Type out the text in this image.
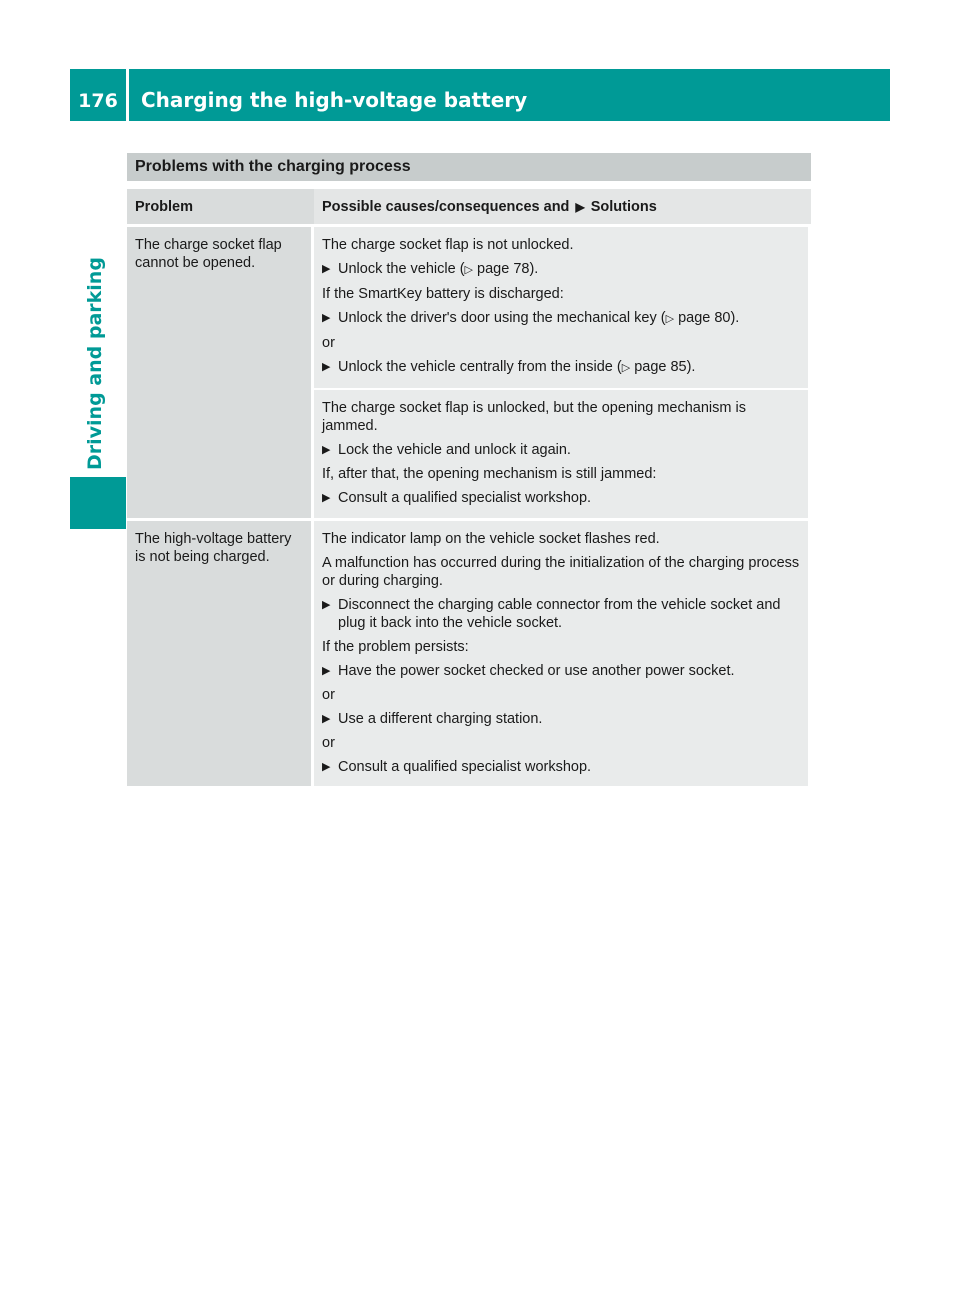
176	Charging the high-voltage battery
Driving and parking
Problems with the charging process
Problem	Possible causes/consequences and ▶ Solutions
The charge socket flap cannot be opened.

The charge socket flap is not unlocked.

▶
Unlock the vehicle (▷ page 78).

If the SmartKey battery is discharged:

▶
Unlock the driver's door using the mechanical key (▷ page 80).

or

▶
Unlock the vehicle centrally from the inside (▷ page 85).

The charge socket flap is unlocked, but the opening mechanism is jammed.

▶
Lock the vehicle and unlock it again.

If, after that, the opening mechanism is still jammed:

▶
Consult a qualified specialist workshop.
The high-voltage battery is not being charged.

The indicator lamp on the vehicle socket flashes red.

A malfunction has occurred during the initialization of the charging process or during charging.

▶
Disconnect the charging cable connector from the vehicle socket and plug it back into the vehicle socket.

If the problem persists:

▶
Have the power socket checked or use another power socket.

or

▶
Use a different charging station.

or

▶
Consult a qualified specialist workshop.
